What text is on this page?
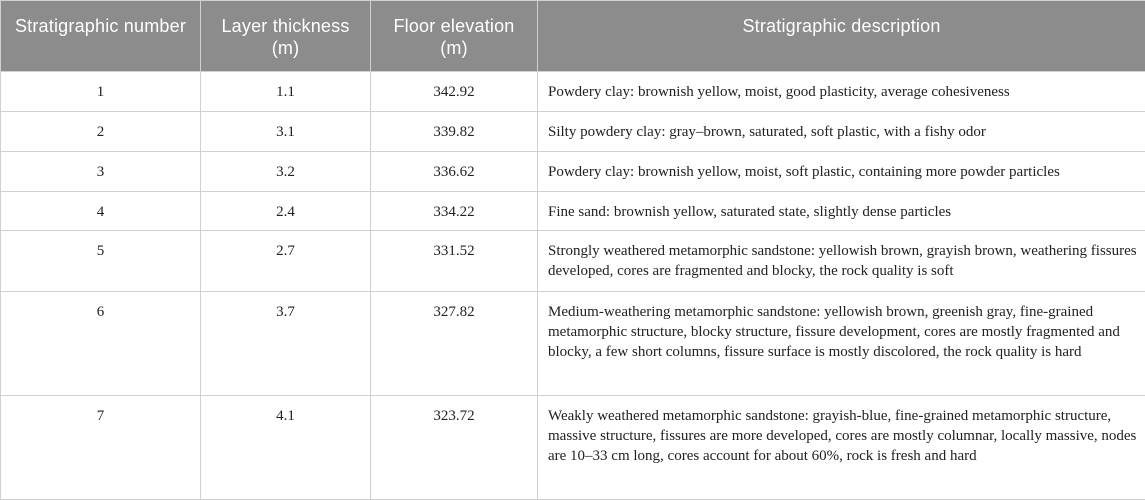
Stratigraphic number	Layer thickness (m)	Floor elevation (m)	Stratigraphic description
1	1.1	342.92	Powdery clay: brownish yellow, moist, good plasticity, average cohesiveness
2	3.1	339.82	Silty powdery clay: gray–brown, saturated, soft plastic, with a fishy odor
3	3.2	336.62	Powdery clay: brownish yellow, moist, soft plastic, containing more powder particles
4	2.4	334.22	Fine sand: brownish yellow, saturated state, slightly dense particles
5	2.7	331.52	Strongly weathered metamorphic sandstone: yellowish brown, grayish brown, weathering fissures developed, cores are fragmented and blocky, the rock quality is soft
6	3.7	327.82	Medium-weathering metamorphic sandstone: yellowish brown, greenish gray, fine-grained metamorphic structure, blocky structure, fissure development, cores are mostly fragmented and blocky, a few short columns, fissure surface is mostly discolored, the rock quality is hard
7	4.1	323.72	Weakly weathered metamorphic sandstone: grayish-blue, fine-grained metamorphic structure, massive structure, fissures are more developed, cores are mostly columnar, locally massive, nodes are 10–33 cm long, cores account for about 60%, rock is fresh and hard
